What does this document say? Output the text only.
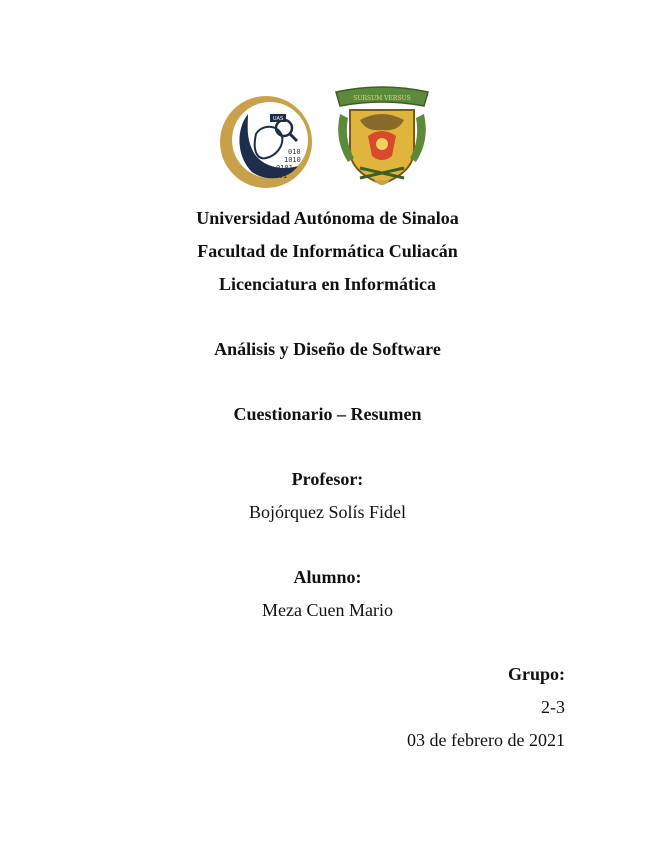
UAS
010
1010
0101
10101
SURSUM VERSUS
Universidad Autónoma de Sinaloa
Facultad de Informática Culiacán
Licenciatura en Informática
Análisis y Diseño de Software
Cuestionario – Resumen
Profesor:
Bojórquez Solís Fidel
Alumno:
Meza Cuen Mario
Grupo:
2-3
03 de febrero de 2021
